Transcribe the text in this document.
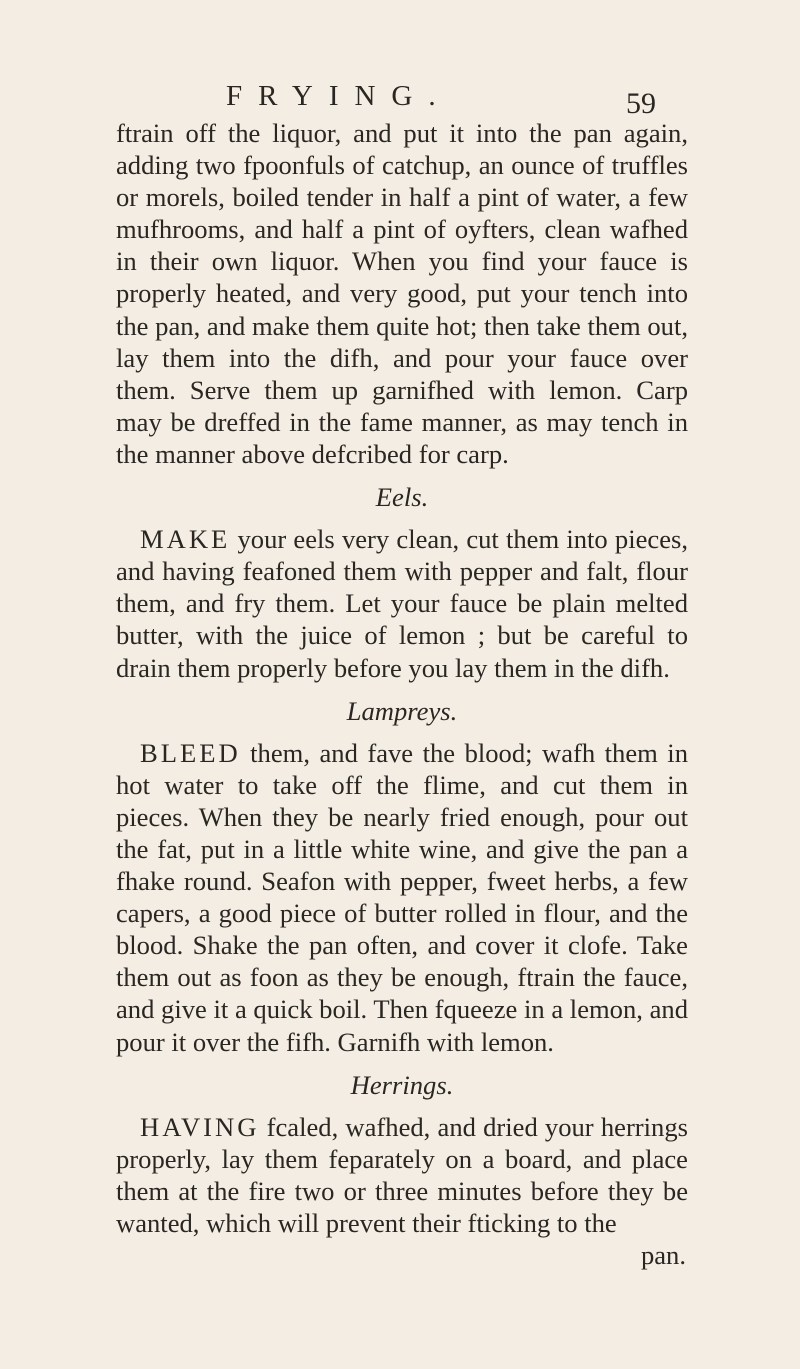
FRYING.	59

ftrain off the liquor, and put it into the pan again, adding two fpoonfuls of catchup, an ounce of truffles or morels, boiled tender in half a pint of water, a few mufhrooms, and half a pint of oyfters, clean wafhed in their own liquor. When you find your fauce is properly heated, and very good, put your tench into the pan, and make them quite hot; then take them out, lay them into the difh, and pour your fauce over them. Serve them up garnifhed with lemon. Carp may be dreffed in the fame manner, as may tench in the manner above defcribed for carp.

Eels.

MAKE your eels very clean, cut them into pieces, and having feafoned them with pepper and falt, flour them, and fry them. Let your fauce be plain melted butter, with the juice of lemon ; but be careful to drain them properly before you lay them in the difh.

Lampreys.

BLEED them, and fave the blood; wafh them in hot water to take off the flime, and cut them in pieces. When they be nearly fried enough, pour out the fat, put in a little white wine, and give the pan a fhake round. Seafon with pepper, fweet herbs, a few capers, a good piece of butter rolled in flour, and the blood. Shake the pan often, and cover it clofe. Take them out as foon as they be enough, ftrain the fauce, and give it a quick boil. Then fqueeze in a lemon, and pour it over the fifh. Garnifh with lemon.

Herrings.

HAVING fcaled, wafhed, and dried your herrings properly, lay them feparately on a board, and place them at the fire two or three minutes before they be wanted, which will prevent their fticking to the

pan.
